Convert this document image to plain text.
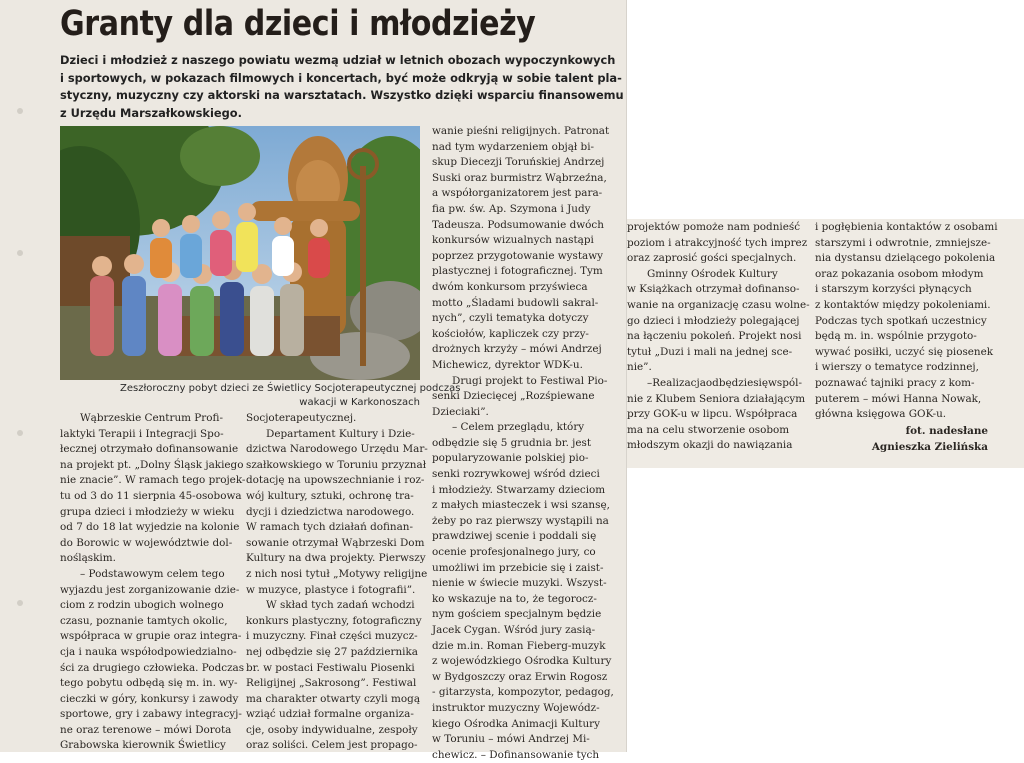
Granty dla dzieci i młodzieży
Dzieci i młodzież z naszego powiatu wezmą udział w letnich obozach wypoczynkowych
i sportowych, w pokazach filmowych i koncertach, być może odkryją w sobie talent pla-
styczny, muzyczny czy aktorski na warsztatach. Wszystko dzięki wsparciu finansowemu
z Urzędu Marszałkowskiego.
Zeszłoroczny pobyt dzieci ze Świetlicy Socjoterapeutycznej podczas
wakacji w Karkonoszach
Wąbrzeskie Centrum Profi-
laktyki Terapii i Integracji Spo-
łecznej otrzymało dofinansowanie
na projekt pt. „Dolny Śląsk jakiego
nie znacie”. W ramach tego projek-
tu od 3 do 11 sierpnia 45-osobowa
grupa dzieci i młodzieży w wieku
od 7 do 18 lat wyjedzie na kolonie
do Borowic w województwie dol-
nośląskim.
– Podstawowym celem tego
wyjazdu jest zorganizowanie dzie-
ciom z rodzin ubogich wolnego
czasu, poznanie tamtych okolic,
współpraca w grupie oraz integra-
cja i nauka współodpowiedzialno-
ści za drugiego człowieka. Podczas
tego pobytu odbędą się m. in. wy-
cieczki w góry, konkursy i zawody
sportowe, gry i zabawy integracyj-
ne oraz terenowe – mówi Dorota
Grabowska kierownik Świetlicy
Socjoterapeutycznej.
Departament Kultury i Dzie-
dzictwa Narodowego Urzędu Mar-
szałkowskiego w Toruniu przyznał
dotację na upowszechnianie i roz-
wój kultury, sztuki, ochronę tra-
dycji i dziedzictwa narodowego.
W ramach tych działań dofinan-
sowanie otrzymał Wąbrzeski Dom
Kultury na dwa projekty. Pierwszy
z nich nosi tytuł „Motywy religijne
w muzyce, plastyce i fotografii”.
W skład tych zadań wchodzi
konkurs plastyczny, fotograficzny
i muzyczny. Finał części muzycz-
nej odbędzie się 27 października
br. w postaci Festiwalu Piosenki
Religijnej „Sakrosong”. Festiwal
ma charakter otwarty czyli mogą
wziąć udział formalne organiza-
cje, osoby indywidualne, zespoły
oraz soliści. Celem jest propago-
wanie pieśni religijnych. Patronat
nad tym wydarzeniem objął bi-
skup Diecezji Toruńskiej Andrzej
Suski oraz burmistrz Wąbrzeźna,
a współorganizatorem jest para-
fia pw. św. Ap. Szymona i Judy
Tadeusza. Podsumowanie dwóch
konkursów wizualnych nastąpi
poprzez przygotowanie wystawy
plastycznej i fotograficznej. Tym
dwóm konkursom przyświeca
motto „Śladami budowli sakral-
nych”, czyli tematyka dotyczy
kościołów, kapliczek czy przy-
drożnych krzyży – mówi Andrzej
Michewicz, dyrektor WDK-u.
Drugi projekt to Festiwal Pio-
senki Dziecięcej „Rozśpiewane
Dzieciaki”.
– Celem przeglądu, który
odbędzie się 5 grudnia br. jest
popularyzowanie polskiej pio-
senki rozrywkowej wśród dzieci
i młodzieży. Stwarzamy dzieciom
z małych miasteczek i wsi szansę,
żeby po raz pierwszy wystąpili na
prawdziwej scenie i poddali się
ocenie profesjonalnego jury, co
umożliwi im przebicie się i zaist-
nienie w świecie muzyki. Wszyst-
ko wskazuje na to, że tegorocz-
nym gościem specjalnym będzie
Jacek Cygan. Wśród jury zasią-
dzie m.in. Roman Fieberg-muzyk
z wojewódzkiego Ośrodka Kultury
w Bydgoszczy oraz Erwin Rogosz
- gitarzysta, kompozytor, pedagog,
instruktor muzyczny Wojewódz-
kiego Ośrodka Animacji Kultury
w Toruniu – mówi Andrzej Mi-
chewicz. – Dofinansowanie tych
projektów pomoże nam podnieść
poziom i atrakcyjność tych imprez
oraz zaprosić gości specjalnych.
Gminny Ośrodek Kultury
w Książkach otrzymał dofinanso-
wanie na organizację czasu wolne-
go dzieci i młodzieży polegającej
na łączeniu pokoleń. Projekt nosi
tytuł „Duzi i mali na jednej sce-
nie”.
–Realizacjaodbędziesięwspól-
nie z Klubem Seniora działającym
przy GOK-u w lipcu. Współpraca
ma na celu stworzenie osobom
młodszym okazji do nawiązania
i pogłębienia kontaktów z osobami
starszymi i odwrotnie, zmniejsze-
nia dystansu dzielącego pokolenia
oraz pokazania osobom młodym
i starszym korzyści płynących
z kontaktów między pokoleniami.
Podczas tych spotkań uczestnicy
będą m. in. wspólnie przygoto-
wywać posiłki, uczyć się piosenek
i wierszy o tematyce rodzinnej,
poznawać tajniki pracy z kom-
puterem – mówi Hanna Nowak,
główna księgowa GOK-u.
fot. nadesłane
Agnieszka Zielińska
